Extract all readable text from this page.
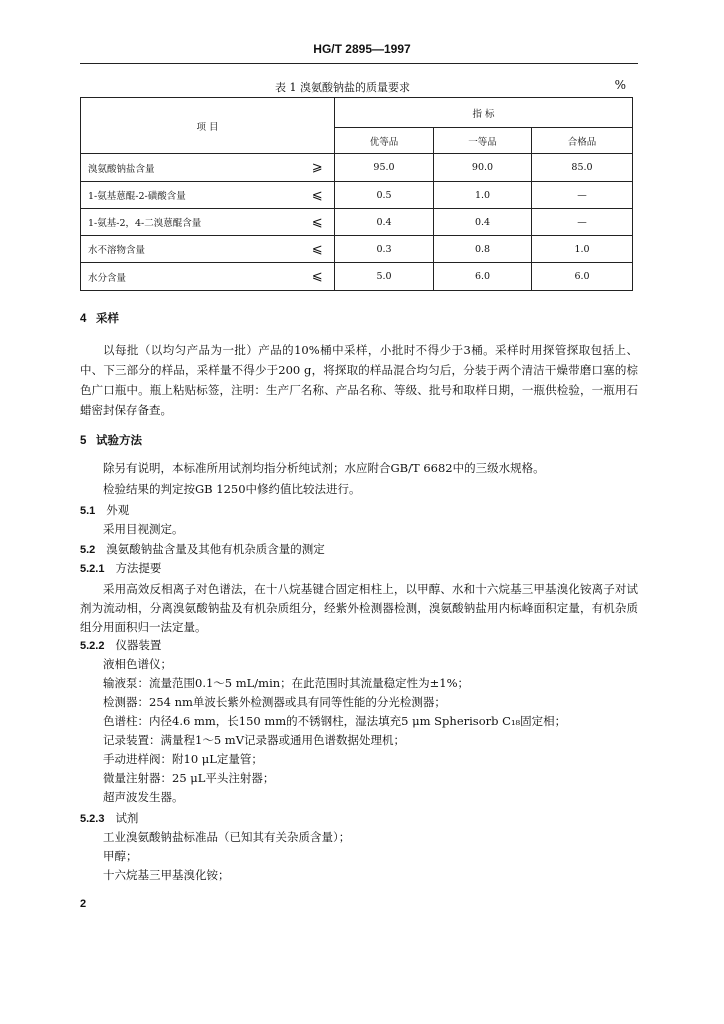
HG/T 2895—1997
表 1 溴氨酸钠盐的质量要求	%
项 目		指 标		
		优等品	一等品	合格品
溴氨酸钠盐含量	⩾	95.0	90.0	85.0
1-氨基蒽醌-2-磺酸含量	⩽	0.5	1.0	—
1-氨基-2，4-二溴蒽醌含量	⩽	0.4	0.4	—
水不溶物含量	⩽	0.3	0.8	1.0
水分含量	⩽	5.0	6.0	6.0
4 采样
以每批（以均匀产品为一批）产品的10%桶中采样，小批时不得少于3桶。采样时用探管探取包括上、中、下三部分的样品，采样量不得少于200 g，将探取的样品混合均匀后，分装于两个清洁干燥带磨口塞的棕色广口瓶中。瓶上粘贴标签，注明：生产厂名称、产品名称、等级、批号和取样日期，一瓶供检验，一瓶用石蜡密封保存备查。
5 试验方法
除另有说明，本标准所用试剂均指分析纯试剂；水应附合GB/T 6682中的三级水规格。
检验结果的判定按GB 1250中修约值比较法进行。
5.1 外观
采用目视测定。
5.2 溴氨酸钠盐含量及其他有机杂质含量的测定
5.2.1 方法提要
采用高效反相离子对色谱法，在十八烷基键合固定相柱上，以甲醇、水和十六烷基三甲基溴化铵离子对试剂为流动相，分离溴氨酸钠盐及有机杂质组分，经紫外检测器检测，溴氨酸钠盐用内标峰面积定量，有机杂质组分用面积归一法定量。
5.2.2 仪器装置
液相色谱仪；
输液泵：流量范围0.1～5 mL/min；在此范围时其流量稳定性为±1%；
检测器：254 nm单波长紫外检测器或具有同等性能的分光检测器；
色谱柱：内径4.6 mm，长150 mm的不锈钢柱，湿法填充5 μm Spherisorb C₁₈固定相；
记录装置：满量程1～5 mV记录器或通用色谱数据处理机；
手动进样阀：附10 μL定量管；
微量注射器：25 μL平头注射器；
超声波发生器。
5.2.3 试剂
工业溴氨酸钠盐标准品（已知其有关杂质含量）；
甲醇；
十六烷基三甲基溴化铵；
2
